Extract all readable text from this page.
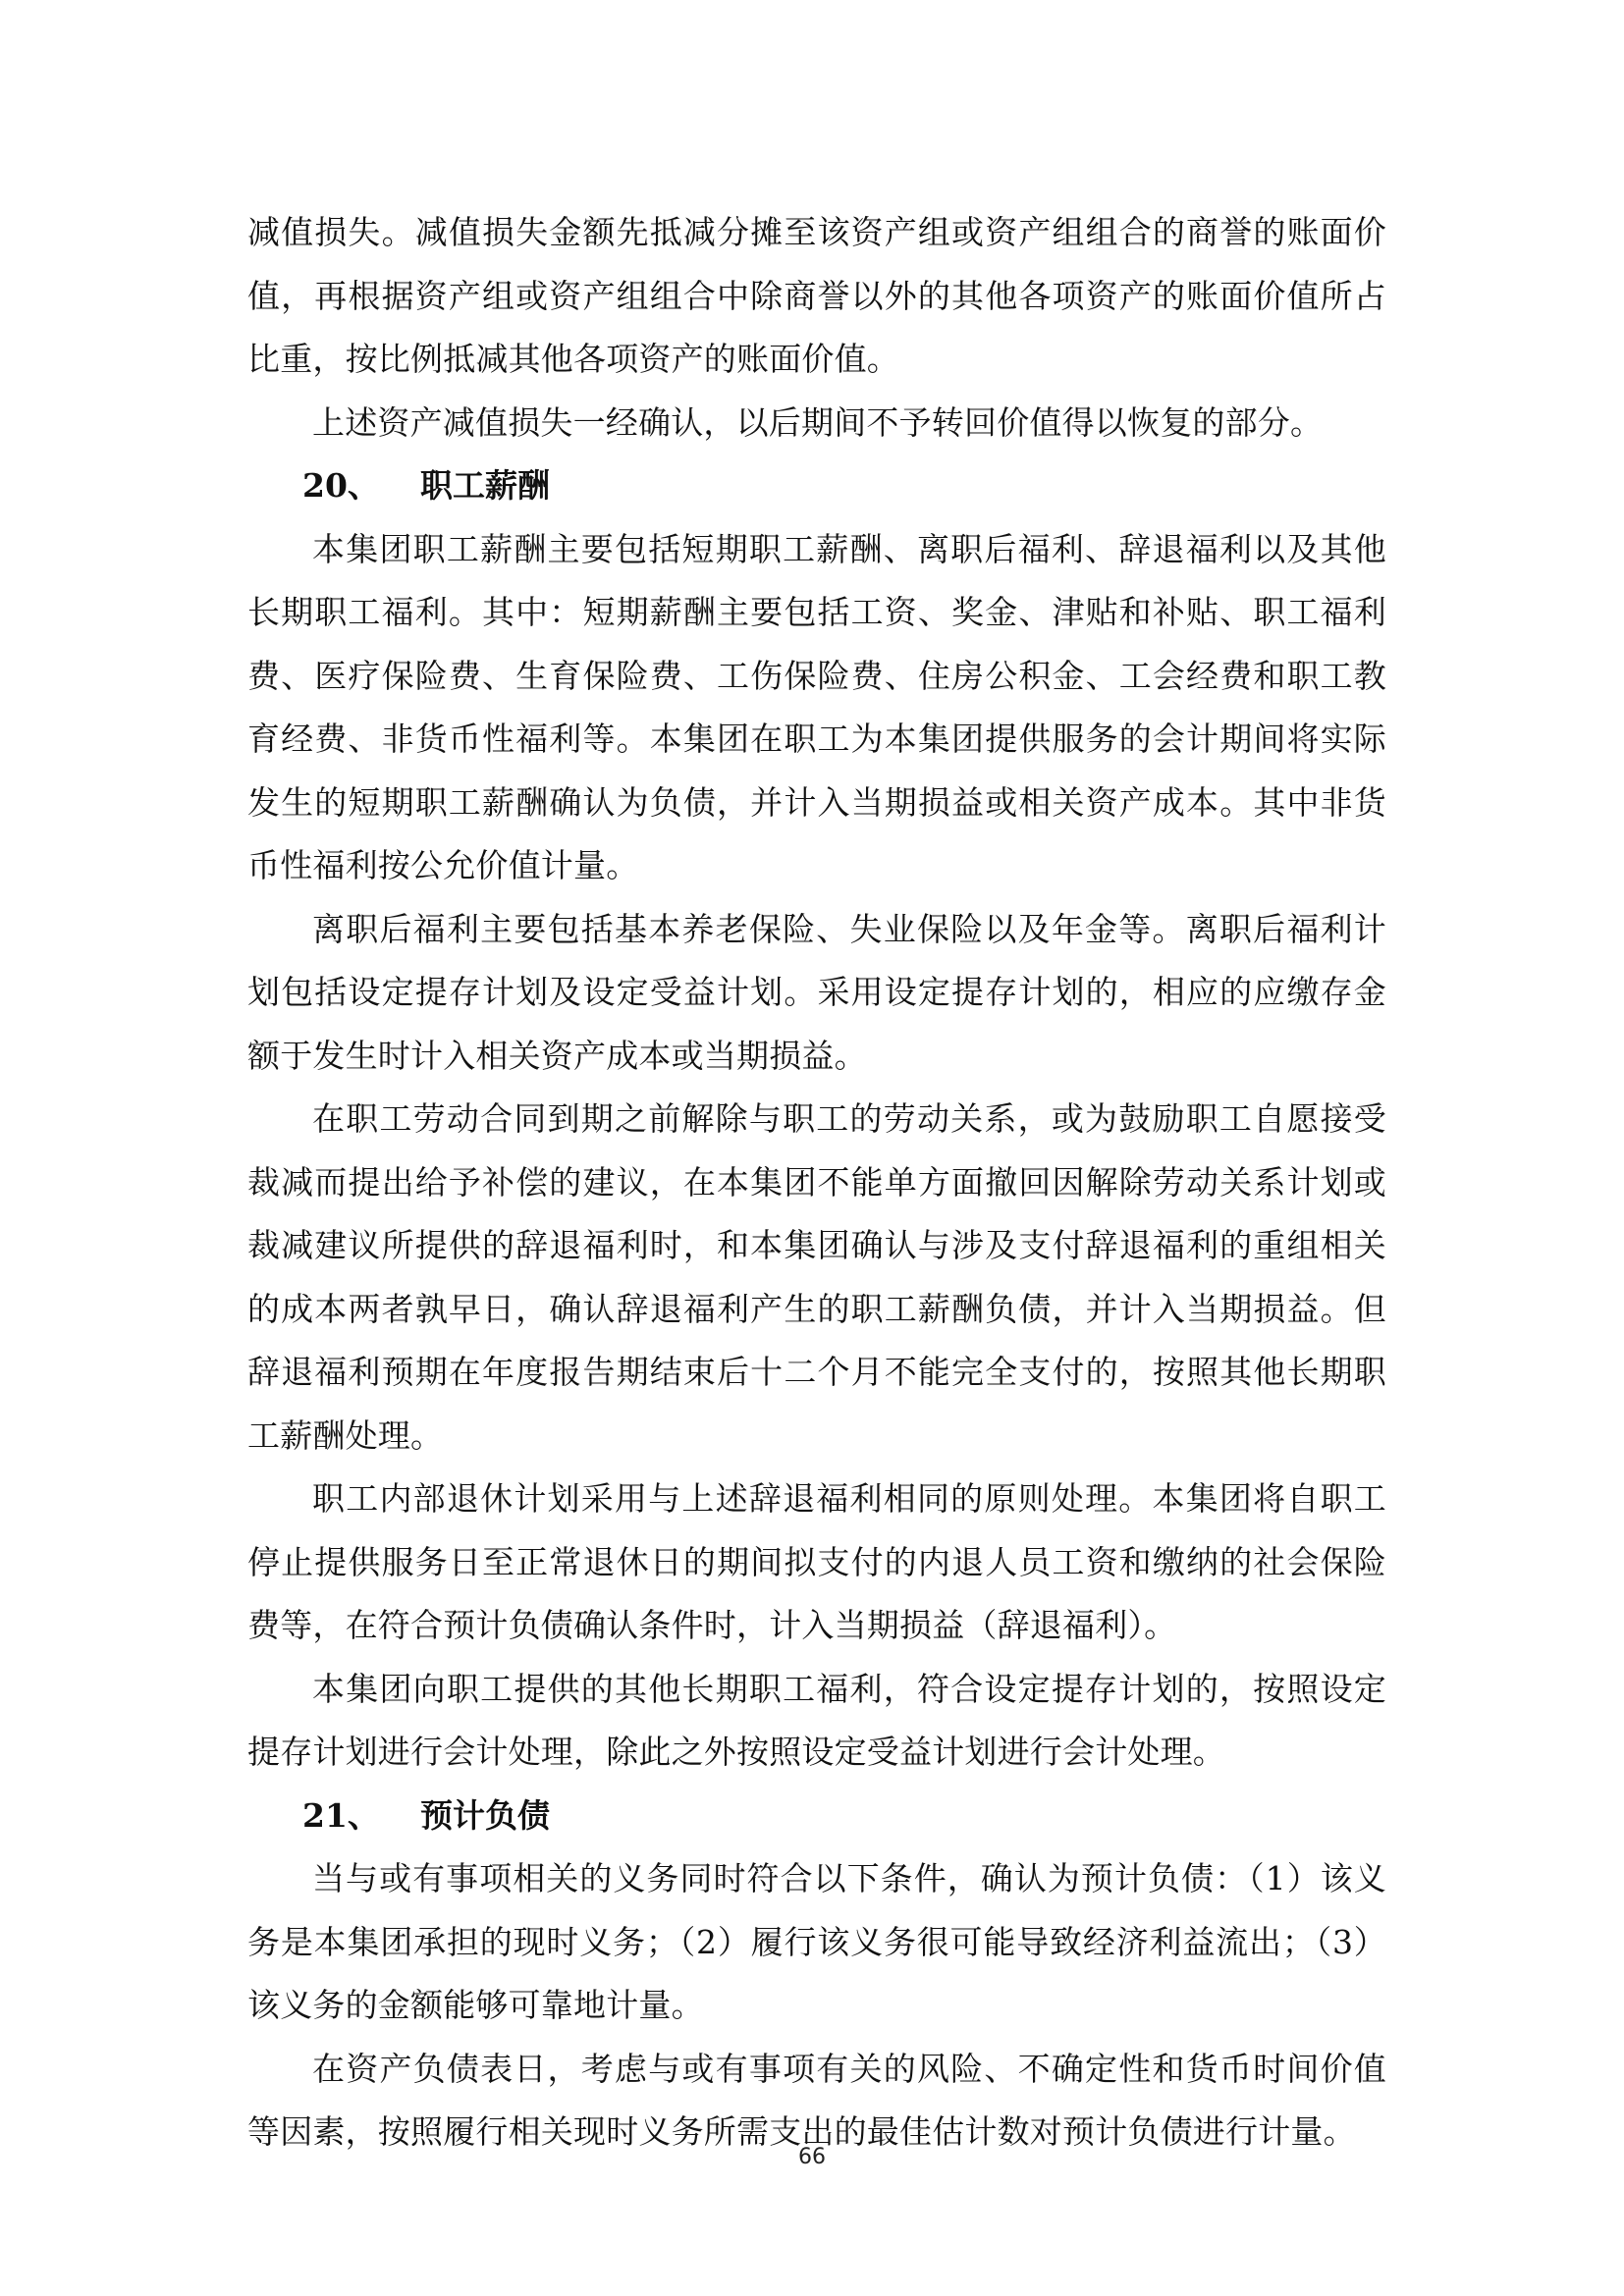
减值损失。减值损失金额先抵减分摊至该资产组或资产组组合的商誉的账面价值，再根据资产组或资产组组合中除商誉以外的其他各项资产的账面价值所占比重，按比例抵减其他各项资产的账面价值。

上述资产减值损失一经确认，以后期间不予转回价值得以恢复的部分。

20、	职工薪酬

本集团职工薪酬主要包括短期职工薪酬、离职后福利、辞退福利以及其他长期职工福利。其中：短期薪酬主要包括工资、奖金、津贴和补贴、职工福利费、医疗保险费、生育保险费、工伤保险费、住房公积金、工会经费和职工教育经费、非货币性福利等。本集团在职工为本集团提供服务的会计期间将实际发生的短期职工薪酬确认为负债，并计入当期损益或相关资产成本。其中非货币性福利按公允价值计量。

离职后福利主要包括基本养老保险、失业保险以及年金等。离职后福利计划包括设定提存计划及设定受益计划。采用设定提存计划的，相应的应缴存金额于发生时计入相关资产成本或当期损益。

在职工劳动合同到期之前解除与职工的劳动关系，或为鼓励职工自愿接受裁减而提出给予补偿的建议，在本集团不能单方面撤回因解除劳动关系计划或裁减建议所提供的辞退福利时，和本集团确认与涉及支付辞退福利的重组相关的成本两者孰早日，确认辞退福利产生的职工薪酬负债，并计入当期损益。但辞退福利预期在年度报告期结束后十二个月不能完全支付的，按照其他长期职工薪酬处理。

职工内部退休计划采用与上述辞退福利相同的原则处理。本集团将自职工停止提供服务日至正常退休日的期间拟支付的内退人员工资和缴纳的社会保险费等，在符合预计负债确认条件时，计入当期损益（辞退福利）。

本集团向职工提供的其他长期职工福利，符合设定提存计划的，按照设定提存计划进行会计处理，除此之外按照设定受益计划进行会计处理。

21、	预计负债

当与或有事项相关的义务同时符合以下条件，确认为预计负债：（1）该义务是本集团承担的现时义务；（2）履行该义务很可能导致经济利益流出；（3）该义务的金额能够可靠地计量。

在资产负债表日，考虑与或有事项有关的风险、不确定性和货币时间价值等因素，按照履行相关现时义务所需支出的最佳估计数对预计负债进行计量。

66
